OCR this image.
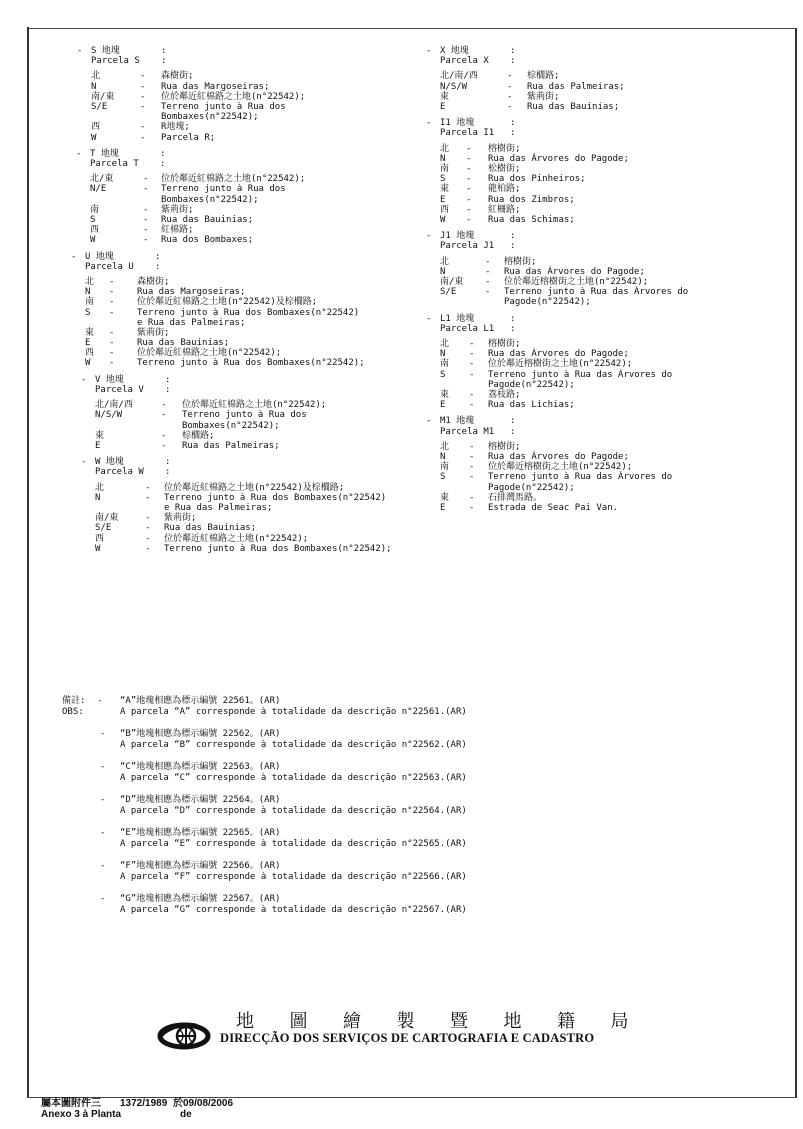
- S 地塊	:
Parcela S :
北	- 森樹街;
N	- Rua das Margoseiras;
南/東	- 位於鄰近紅棉路之土地(n°22542);
S/E	- Terreno junto à Rua dos
Bombaxes(n°22542);
西	- R地塊;
W	- Parcela R;
- T 地塊	:
Parcela T :
北/東	- 位於鄰近紅棉路之土地(n°22542);
N/E	- Terreno junto à Rua dos
Bombaxes(n°22542);
南	- 紫荊街;
S	- Rua das Bauinias;
西	- 紅棉路;
W	- Rua dos Bombaxes;
- U 地塊	:
Parcela U :
北 -	森樹街;
N -	Rua das Margoseiras;
南 -	位於鄰近紅棉路之土地(n°22542)及棕櫚路;
S -	Terreno junto à Rua dos Bombaxes(n°22542)
e Rua das Palmeiras;
東 -	紫荊街;
E -	Rua das Bauinias;
西 -	位於鄰近紅棉路之土地(n°22542);
W -	Terreno junto à Rua dos Bombaxes(n°22542);
- V 地塊	:
Parcela V :
北/南/西	- 位於鄰近紅棉路之土地(n°22542);
N/S/W	- Terreno junto à Rua dos
Bombaxes(n°22542);
東	- 棕櫚路;
E	- Rua das Palmeiras;
- W 地塊	:
Parcela W :
北	- 位於鄰近紅棉路之土地(n°22542)及棕櫚路;
N	- Terreno junto à Rua dos Bombaxes(n°22542)
e Rua das Palmeiras;
南/東	- 紫荊街;
S/E	- Rua das Bauinias;
西	- 位於鄰近紅棉路之土地(n°22542);
W	- Terreno junto à Rua dos Bombaxes(n°22542);
- X 地塊	:
Parcela X :
北/南/西	- 棕櫚路;
N/S/W	- Rua das Palmeiras;
東	- 紫荊街;
E	- Rua das Bauinias;
- I1 地塊	:
Parcela I1 :
北 - 榕樹街;
N - Rua das Árvores do Pagode;
南 - 松樹街;
S - Rua dos Pinheiros;
東 - 龍柏路;
E - Rua dos Zimbros;
西 - 紅柵路;
W - Rua das Schimas;
- J1 地塊	:
Parcela J1 :
北	- 榕樹街;
N	- Rua das Árvores do Pagode;
南/東 - 位於鄰近榕樹街之土地(n°22542);
S/E	- Terreno junto à Rua das Árvores do
Pagode(n°22542);
- L1 地塊	:
Parcela L1 :
北 - 榕樹街;
N	- Rua das Árvores do Pagode;
南 - 位於鄰近榕樹街之土地(n°22542);
S	- Terreno junto à Rua das Árvores do
Pagode(n°22542);
東 - 荔枝路;
E	- Rua das Lichias;
- M1 地塊	:
Parcela M1 :
北 - 榕樹街;
N	- Rua das Árvores do Pagode;
南 - 位於鄰近榕樹街之土地(n°22542);
S	- Terreno junto à Rua das Árvores do
Pagode(n°22542);
東 - 石排灣馬路。
E	- Estrada de Seac Pai Van.
備註: - “A”地塊相應為標示編號 22561。(AR)
OBS:	A parcela “A” corresponde à totalidade da descrição n°22561.(AR)
- “B”地塊相應為標示編號 22562。(AR)
A parcela “B” corresponde à totalidade da descrição n°22562.(AR)
- “C”地塊相應為標示編號 22563。(AR)
A parcela “C” corresponde à totalidade da descrição n°22563.(AR)
- “D”地塊相應為標示編號 22564。(AR)
A parcela “D” corresponde à totalidade da descrição n°22564.(AR)
- “E”地塊相應為標示編號 22565。(AR)
A parcela “E” corresponde à totalidade da descrição n°22565.(AR)
- “F”地塊相應為標示編號 22566。(AR)
A parcela “F” corresponde à totalidade da descrição n°22566.(AR)
- “G”地塊相應為標示編號 22567。(AR)
A parcela “G” corresponde à totalidade da descrição n°22567.(AR)
地 圖 繪 製 暨 地 籍 局
DIRECÇÃO DOS SERVIÇOS DE CARTOGRAFIA E CADASTRO
屬本圖附件三 1372/1989 於09/08/2006
Anexo 3 à Planta	de
